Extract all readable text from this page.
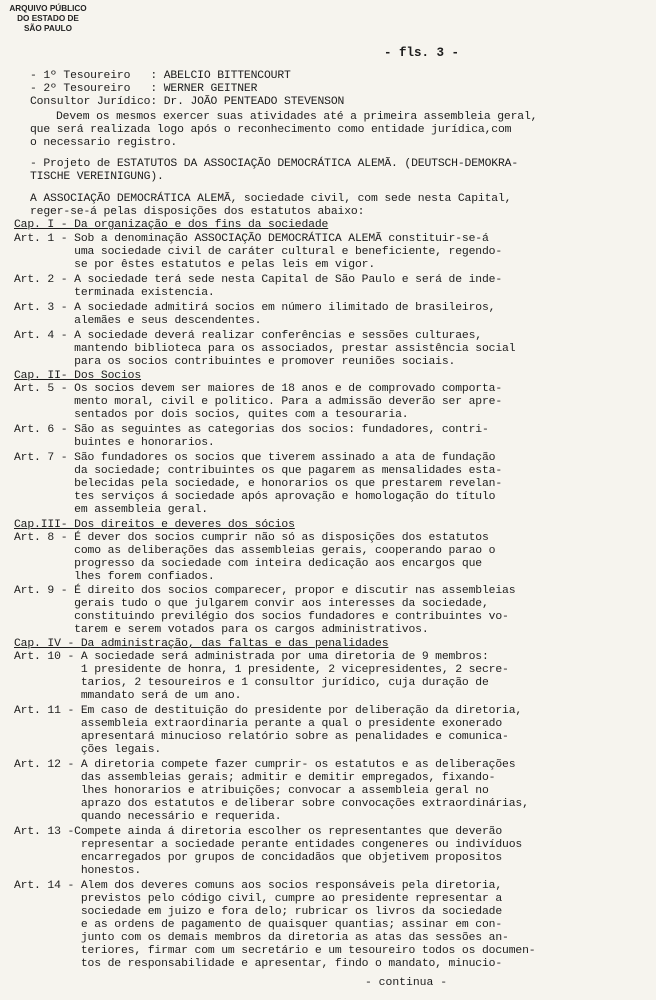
ARQUIVO PÚBLICO
DO ESTADO DE
SÃO PAULO
- fls. 3 -
- 1º Tesoureiro   : ABELCIO BITTENCOURT
- 2º Tesoureiro   : WERNER GEITNER
Consultor Jurídico: Dr. JOÃO PENTEADO STEVENSON
Devem os mesmos exercer suas atividades até a primeira assembleia geral,
que será realizada logo após o reconhecimento como entidade jurídica,com
o necessario registro.
- Projeto de ESTATUTOS DA ASSOCIAÇÃO DEMOCRÁTICA ALEMÃ. (DEUTSCH-DEMOKRA-
TISCHE VEREINIGUNG).
A ASSOCIAÇÃO DEMOCRÁTICA ALEMÃ, sociedade civil, com sede nesta Capital,
reger-se-á pelas disposições dos estatutos abaixo:
Cap. I - Da organização e dos fins da sociedade
Art. 1 - Sob a denominação ASSOCIAÇÃO DEMOCRÁTICA ALEMÃ constituir-se-á
uma sociedade civil de caráter cultural e beneficiente, regendo-
se por êstes estatutos e pelas leis em vigor.
Art. 2 - A sociedade terá sede nesta Capital de São Paulo e será de inde-
terminada existencia.
Art. 3 - A sociedade admitirá socios em número ilimitado de brasileiros,
alemães e seus descendentes.
Art. 4 - A sociedade deverá realizar conferências e sessões culturaes,
mantendo biblioteca para os associados, prestar assistência social
para os socios contribuintes e promover reuniões sociais.
Cap. II- Dos Socios
Art. 5 - Os socios devem ser maiores de 18 anos e de comprovado comporta-
mento moral, civil e politico. Para a admissão deverão ser apre-
sentados por dois socios, quites com a tesouraria.
Art. 6 - São as seguintes as categorias dos socios: fundadores, contri-
buintes e honorarios.
Art. 7 - São fundadores os socios que tiverem assinado a ata de fundação
da sociedade; contribuintes os que pagarem as mensalidades esta-
belecidas pela sociedade, e honorarios os que prestarem revelan-
tes serviços á sociedade após aprovação e homologação do título
em assembleia geral.
Cap.III- Dos direitos e deveres dos sócios
Art. 8 - É dever dos socios cumprir não só as disposições dos estatutos
como as deliberações das assembleias gerais, cooperando parao o
progresso da sociedade com inteira dedicação aos encargos que
lhes forem confiados.
Art. 9 - É direito dos socios comparecer, propor e discutir nas assembleias
gerais tudo o que julgarem convir aos interesses da sociedade,
constituindo previlégio dos socios fundadores e contribuintes vo-
tarem e serem votados para os cargos administrativos.
Cap. IV - Da administração, das faltas e das penalidades
Art. 10 - A sociedade será administrada por uma diretoria de 9 membros:
1 presidente de honra, 1 presidente, 2 vicepresidentes, 2 secre-
tarios, 2 tesoureiros e 1 consultor jurídico, cuja duração de
mmandato será de um ano.
Art. 11 - Em caso de destituição do presidente por deliberação da diretoria,
assembleia extraordinaria perante a qual o presidente exonerado
apresentará minucioso relatório sobre as penalidades e comunica-
ções legais.
Art. 12 - A diretoria compete fazer cumprir- os estatutos e as deliberações
das assembleias gerais; admitir e demitir empregados, fixando-
lhes honorarios e atribuições; convocar a assembleia geral no
aprazo dos estatutos e deliberar sobre convocações extraordinárias,
quando necessário e requerida.
Art. 13 -Compete ainda á diretoria escolher os representantes que deverão
representar a sociedade perante entidades congeneres ou indivíduos
encarregados por grupos de concidadãos que objetivem propositos
honestos.
Art. 14 - Alem dos deveres comuns aos socios responsáveis pela diretoria,
previstos pelo código civil, cumpre ao presidente representar a
sociedade em juizo e fora delo; rubricar os livros da sociedade
e as ordens de pagamento de quaisquer quantias; assinar em con-
junto com os demais membros da diretoria as atas das sessões an-
teriores, firmar com um secretário e um tesoureiro todos os documen-
tos de responsabilidade e apresentar, findo o mandato, minucio-
- continua -
